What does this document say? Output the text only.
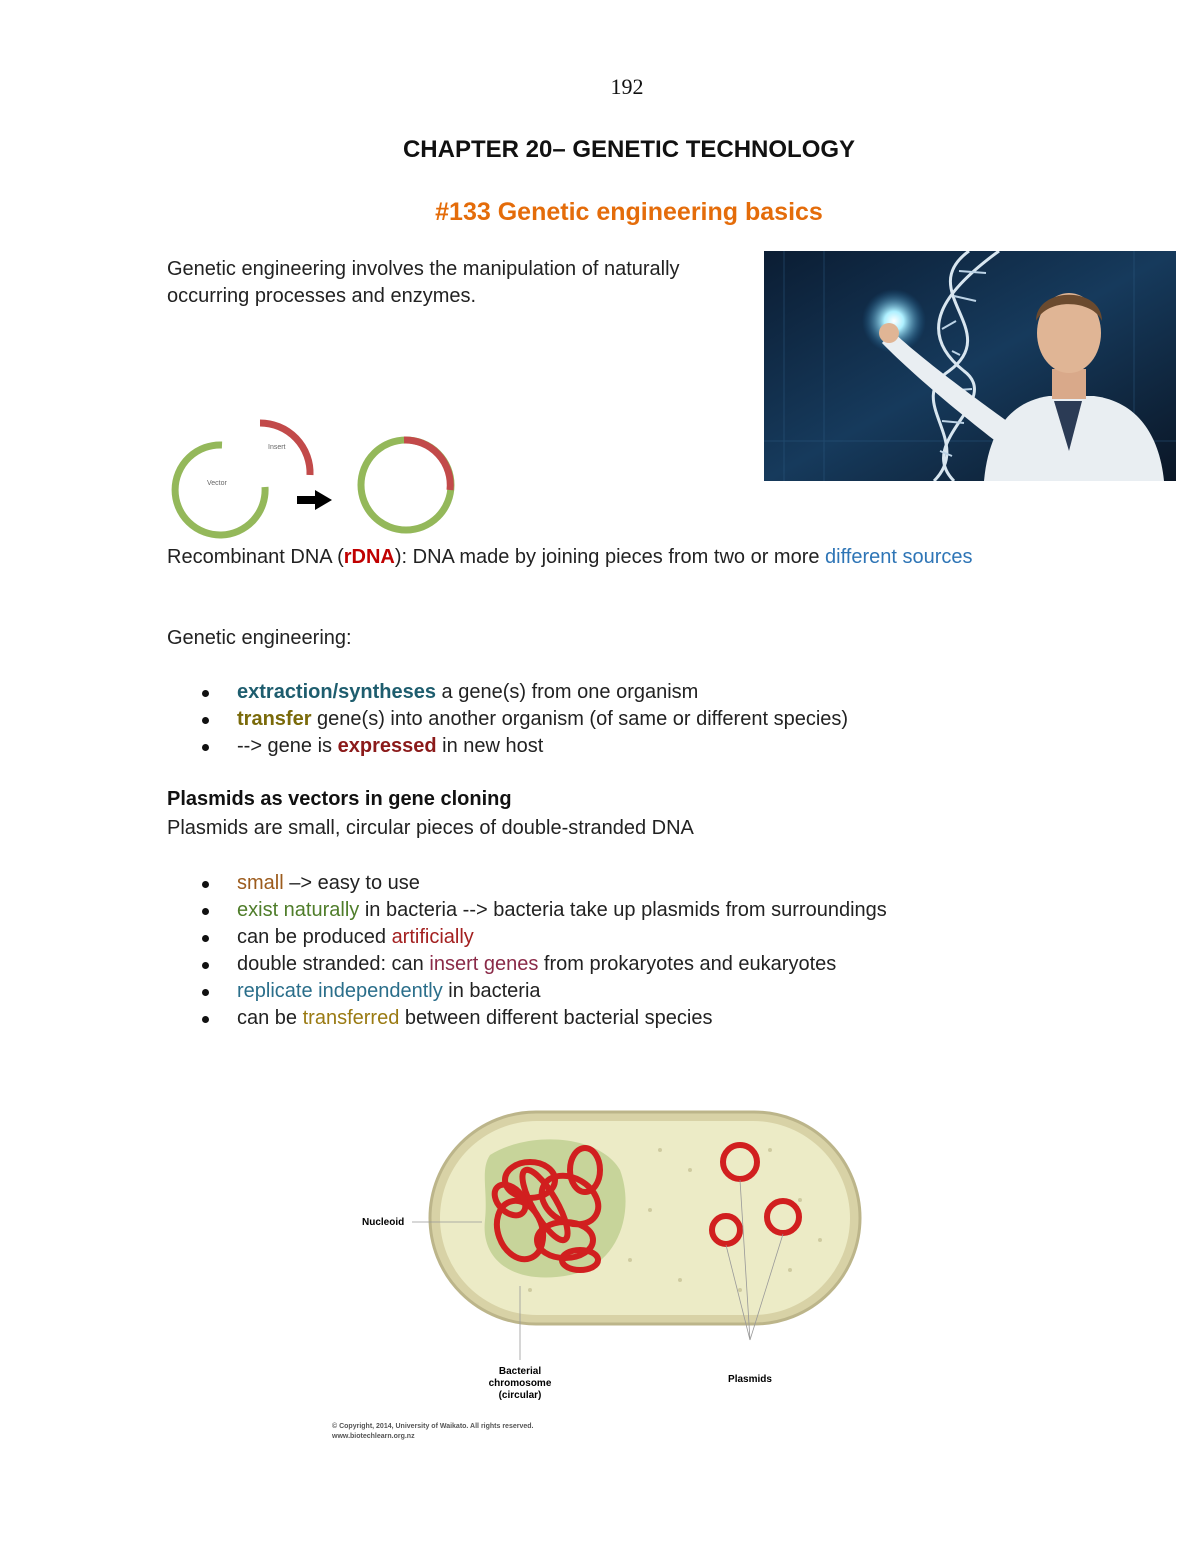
192
CHAPTER 20– GENETIC TECHNOLOGY
#133 Genetic engineering basics
Genetic engineering involves the manipulation of naturally occurring processes and enzymes.
Insert
Vector
Recombinant DNA (rDNA): DNA made by joining pieces from two or more different sources
Genetic engineering:
extraction/syntheses a gene(s) from one organism
transfer gene(s) into another organism (of same or different species)
--> gene is expressed in new host
Plasmids as vectors in gene cloning
Plasmids are small, circular pieces of double-stranded DNA
small –> easy to use
exist naturally in bacteria --> bacteria take up plasmids from surroundings
can be produced artificially
double stranded: can insert genes from prokaryotes and eukaryotes
replicate independently in bacteria
can be transferred between different bacterial species
Nucleoid
Bacterial
chromosome
(circular)
Plasmids
© Copyright, 2014, University of Waikato. All rights reserved.
www.biotechlearn.org.nz
